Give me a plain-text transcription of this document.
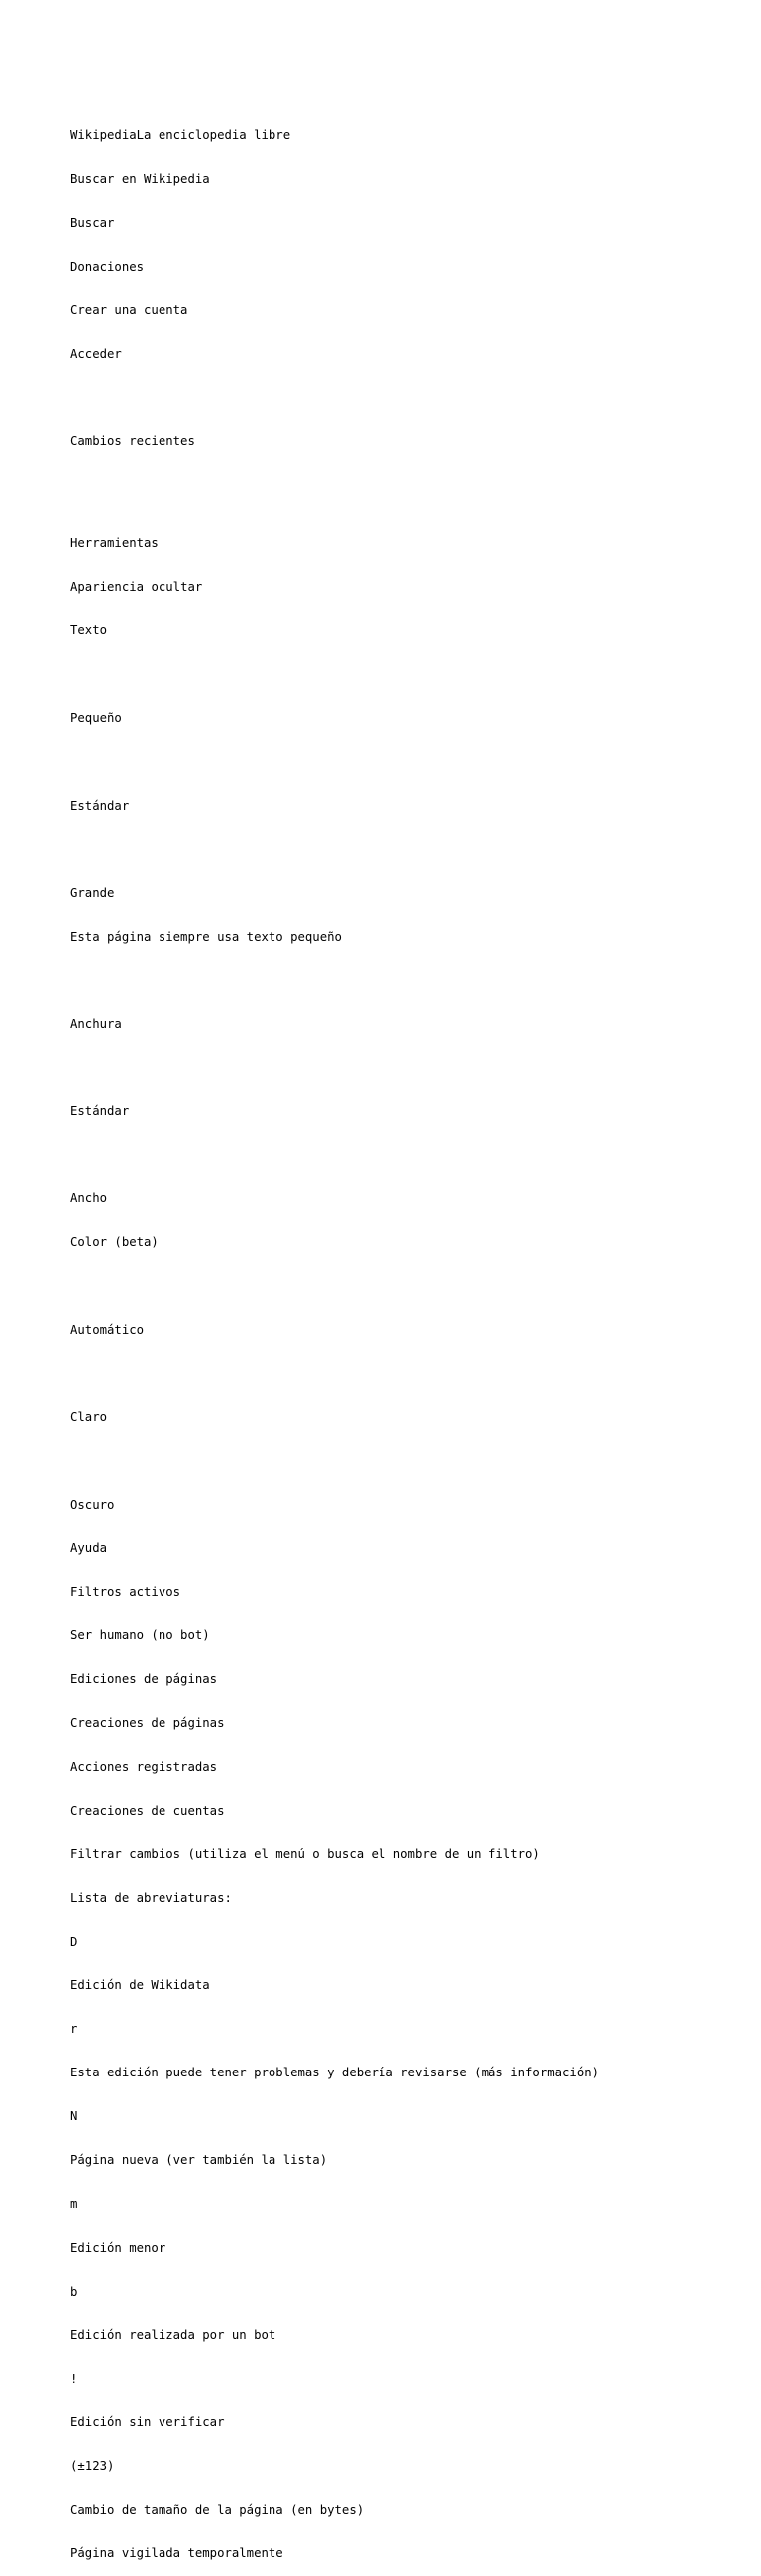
WikipediaLa enciclopedia libre

Buscar en Wikipedia

Buscar

Donaciones

Crear una cuenta

Acceder

Cambios recientes

Herramientas

Apariencia ocultar

Texto

Pequeño

Estándar

Grande

Esta página siempre usa texto pequeño

Anchura

Estándar

Ancho

Color (beta)

Automático

Claro

Oscuro

Ayuda

Filtros activos

Ser humano (no bot)

Ediciones de páginas

Creaciones de páginas

Acciones registradas

Creaciones de cuentas

Filtrar cambios (utiliza el menú o busca el nombre de un filtro)

Lista de abreviaturas:

D

Edición de Wikidata

r

Esta edición puede tener problemas y debería revisarse (más información)

N

Página nueva (ver también la lista)

m

Edición menor

b

Edición realizada por un bot

!

Edición sin verificar

(±123)

Cambio de tamaño de la página (en bytes)

Página vigilada temporalmente
